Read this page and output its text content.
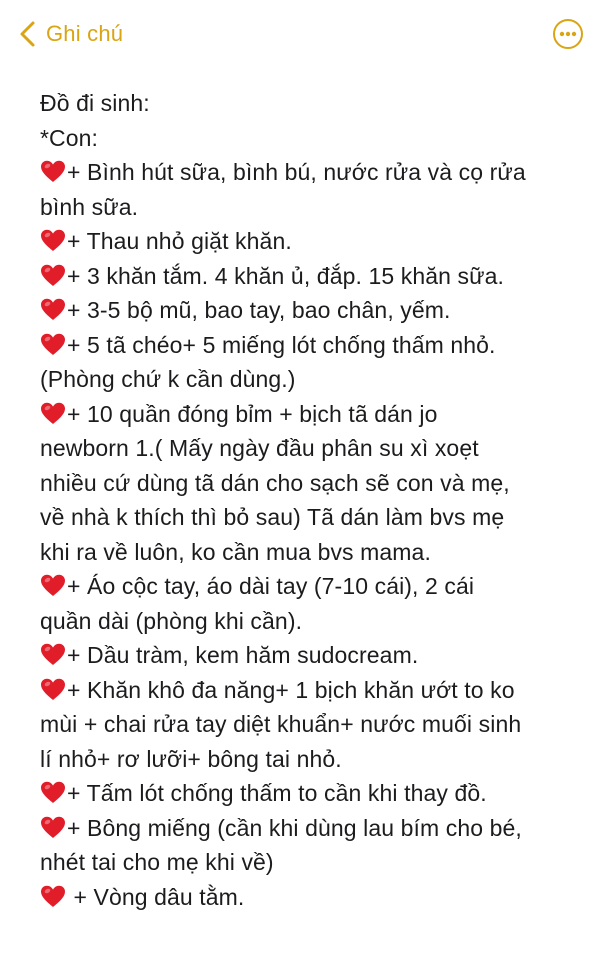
Ghi chú
Đồ đi sinh:
*Con:
+ Bình hút sữa, bình bú, nước rửa và cọ rửa
bình sữa.
+ Thau nhỏ giặt khăn.
+ 3 khăn tắm. 4 khăn ủ, đắp. 15 khăn sữa.
+ 3-5 bộ mũ, bao tay, bao chân, yếm.
+ 5 tã chéo+ 5 miếng lót chống thấm nhỏ.
(Phòng chứ k cần dùng.)
+ 10 quần đóng bỉm + bịch tã dán jo
newborn 1.( Mấy ngày đầu phân su xì xoẹt
nhiều cứ dùng tã dán cho sạch sẽ con và mẹ,
về nhà k thích thì bỏ sau) Tã dán làm bvs mẹ
khi ra về luôn, ko cần mua bvs mama.
+ Áo cộc tay, áo dài tay (7-10 cái), 2 cái
quần dài (phòng khi cần).
+ Dầu tràm, kem hăm sudocream.
+ Khăn khô đa năng+ 1 bịch khăn ướt to ko
mùi + chai rửa tay diệt khuẩn+ nước muối sinh
lí nhỏ+ rơ lưỡi+ bông tai nhỏ.
+ Tấm lót chống thấm to cần khi thay đồ.
+ Bông miếng (cần khi dùng lau bím cho bé,
nhét tai cho mẹ khi về)
+ Vòng dâu tằm.
